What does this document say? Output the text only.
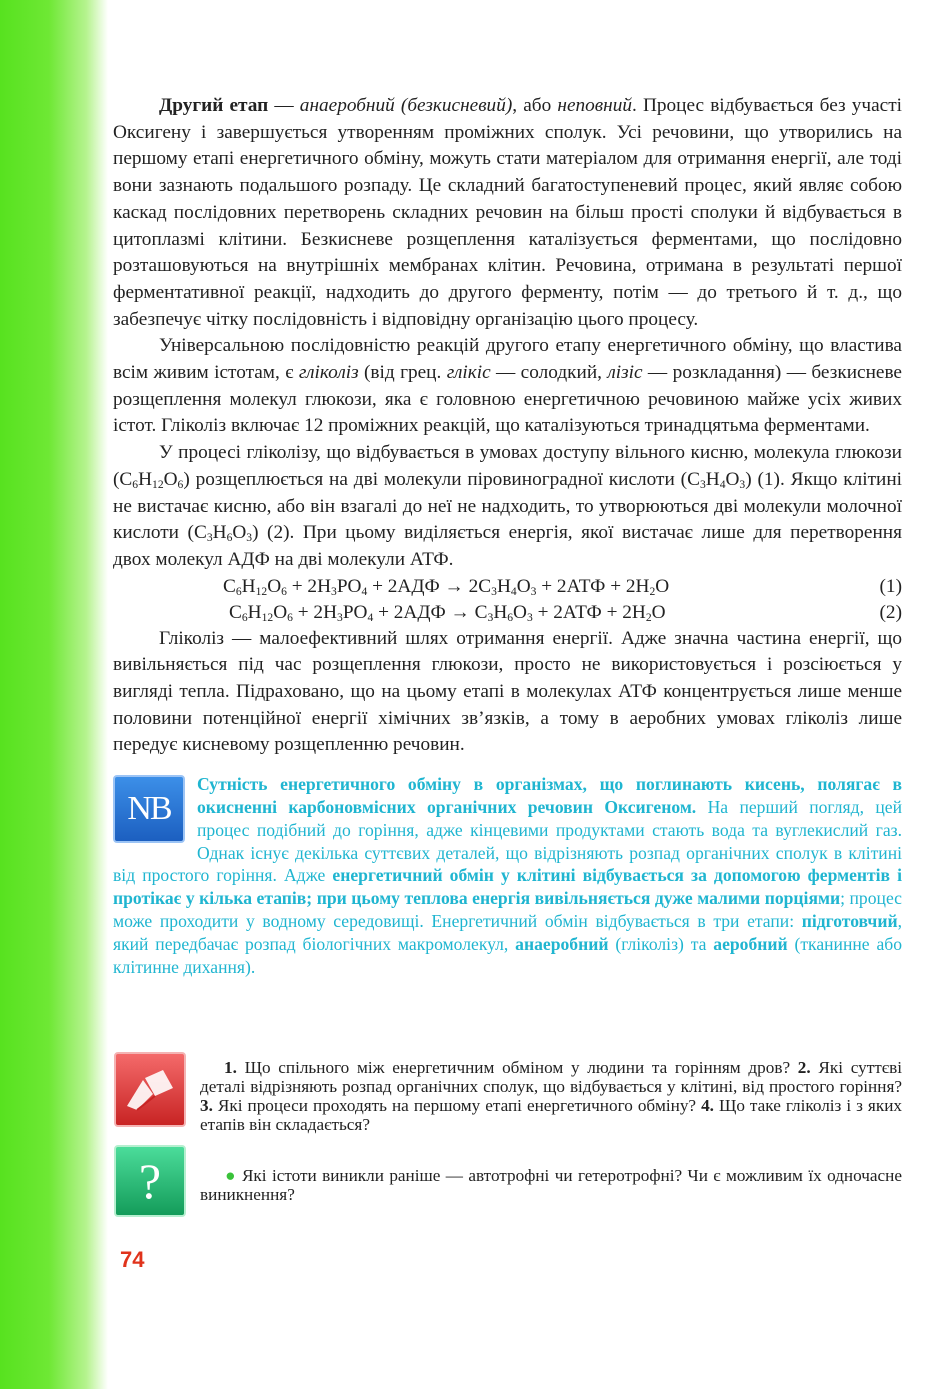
Другий етап — анаеробний (безкисневий), або неповний. Процес відбувається без участі Оксигену і завершується утворенням проміжних сполук. Усі речовини, що утворились на першому етапі енергетичного обміну, можуть стати матеріалом для отримання енергії, але тоді вони зазнають подальшого розпаду. Це складний багатоступеневий процес, який являє собою каскад послідовних перетворень складних речовин на більш прості сполуки й відбувається в цитоплазмі клітини. Безкисневе розщеплення каталізується ферментами, що послідовно розташовуються на внутрішніх мембранах клітин. Речовина, отримана в результаті першої ферментативної реакції, надходить до другого ферменту, потім — до третього й т. д., що забезпечує чітку послідовність і відповідну організацію цього процесу.

Універсальною послідовністю реакцій другого етапу енергетичного обміну, що властива всім живим істотам, є гліколіз (від грец. глікіс — солодкий, лізіс — розкладання) — безкисневе розщеплення молекул глюкози, яка є головною енергетичною речовиною майже усіх живих істот. Гліколіз включає 12 проміжних реакцій, що каталізуються тринадцятьма ферментами.

У процесі гліколізу, що відбувається в умовах доступу вільного кисню, молекула глюкози $(C_6H_{12}O_6)$ розщеплюється на дві молекули піровиноградної кислоти $(C_3H_4O_3)$ (1). Якщо клітині не вистачає кисню, або він взагалі до неї не надходить, то утворюються дві молекули молочної кислоти $(C_3H_6O_3)$ (2). При цьому виділяється енергія, якої вистачає лише для перетворення двох молекул АДФ на дві молекули АТФ.

$C_6H_{12}O_6 + 2H_3PO_4 + 2АДФ \to 2C_3H_4O_3 + 2АТФ + 2H_2O$	(1)
$C_6H_{12}O_6 + 2H_3PO_4 + 2АДФ \to C_3H_6O_3 + 2АТФ + 2H_2O$	(2)

Гліколіз — малоефективний шлях отримання енергії. Адже значна частина енергії, що вивільняється під час розщеплення глюкози, просто не використовується і розсіюється у вигляді тепла. Підраховано, що на цьому етапі в молекулах АТФ концентрується лише менше половини потенційної енергії хімічних зв’язків, а тому в аеробних умовах гліколіз лише передує кисневому розщепленню речовин.

NB
Сутність енергетичного обміну в організмах, що поглинають кисень, полягає в окисненні карбоновмісних органічних речовин Оксигеном. На перший погляд, цей процес подібний до горіння, адже кінцевими продуктами стають вода та вуглекислий газ. Однак існує декілька суттєвих деталей, що відрізняють розпад органічних сполук в клітині від простого горіння. Адже енергетичний обмін у клітині відбувається за допомогою ферментів і протікає у кілька етапів; при цьому теплова енергія вивільняється дуже малими порціями; процес може проходити у водному середовищі. Енергетичний обмін відбувається в три етапи: підготовчий, який передбачає розпад біологічних макромолекул, анаеробний (гліколіз) та аеробний (тканинне або клітинне дихання).
1. Що спільного між енергетичним обміном у людини та горінням дров? 2. Які суттєві деталі відрізняють розпад органічних сполук, що відбувається у клітині, від простого горіння? 3. Які процеси проходять на першому етапі енергетичного обміну? 4. Що таке гліколіз і з яких етапів він складається?
?	● Які істоти виникли раніше — автотрофні чи гетеротрофні? Чи є можливим їх одночасне виникнення?
74
